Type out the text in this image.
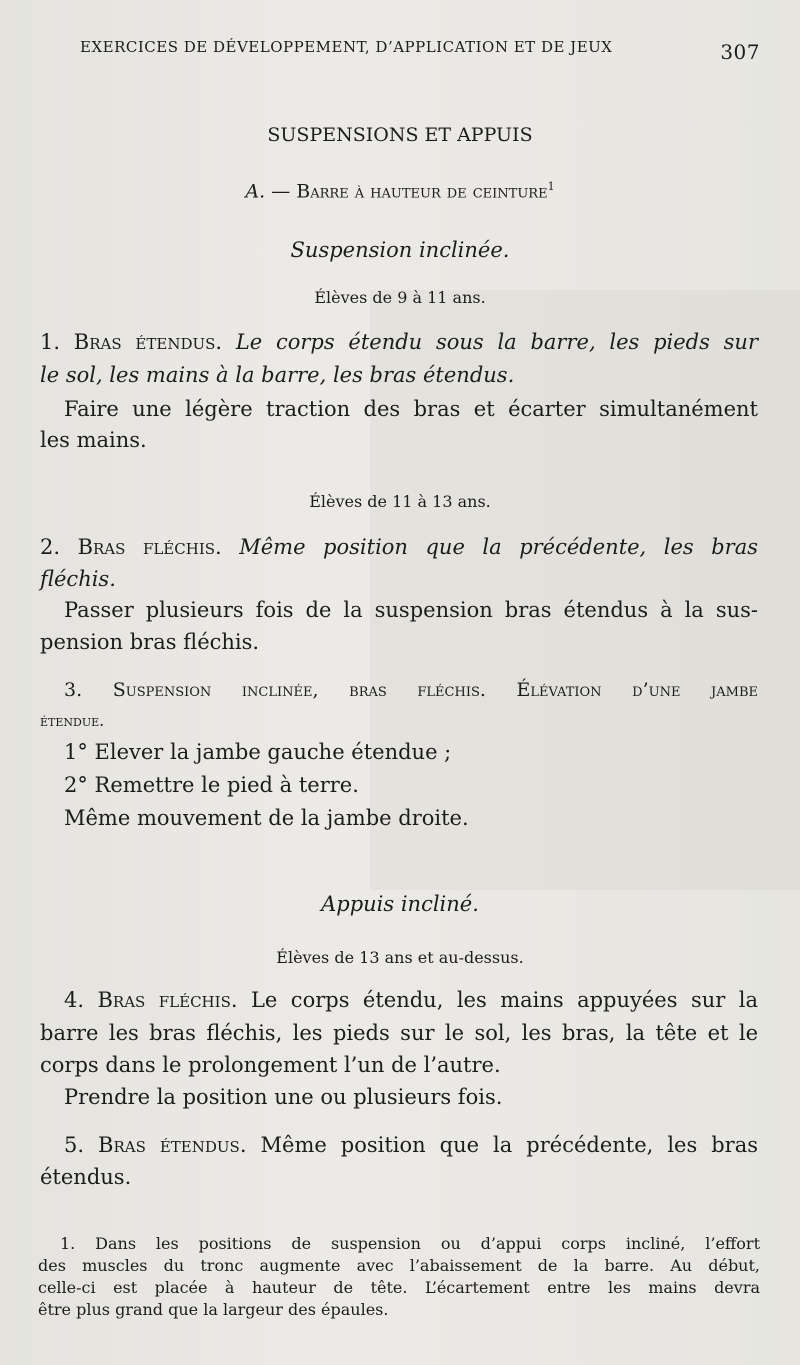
EXERCICES DE DÉVELOPPEMENT, D’APPLICATION ET DE JEUX	307
SUSPENSIONS ET APPUIS
A. — Barre à hauteur de ceinture$^1$
Suspension inclinée.
Élèves de 9 à 11 ans.
1. Bras étendus. Le corps étendu sous la barre, les pieds sur
le sol, les mains à la barre, les bras étendus.
Faire une légère traction des bras et écarter simultanément
les mains.
Élèves de 11 à 13 ans.
2. Bras fléchis. Même position que la précédente, les bras
fléchis.
Passer plusieurs fois de la suspension bras étendus à la sus-
pension bras fléchis.
3. Suspension inclinée, bras fléchis. Élévation d’une jambe
étendue.
1° Elever la jambe gauche étendue ;
2° Remettre le pied à terre.
Même mouvement de la jambe droite.
Appuis incliné.
Élèves de 13 ans et au-dessus.
4. Bras fléchis. Le corps étendu, les mains appuyées sur la
barre les bras fléchis, les pieds sur le sol, les bras, la tête et le
corps dans le prolongement l’un de l’autre.
Prendre la position une ou plusieurs fois.
5. Bras étendus. Même position que la précédente, les bras
étendus.
1. Dans les positions de suspension ou d’appui corps incliné, l’effort
des muscles du tronc augmente avec l’abaissement de la barre. Au début,
celle-ci est placée à hauteur de tête. L’écartement entre les mains devra
être plus grand que la largeur des épaules.
